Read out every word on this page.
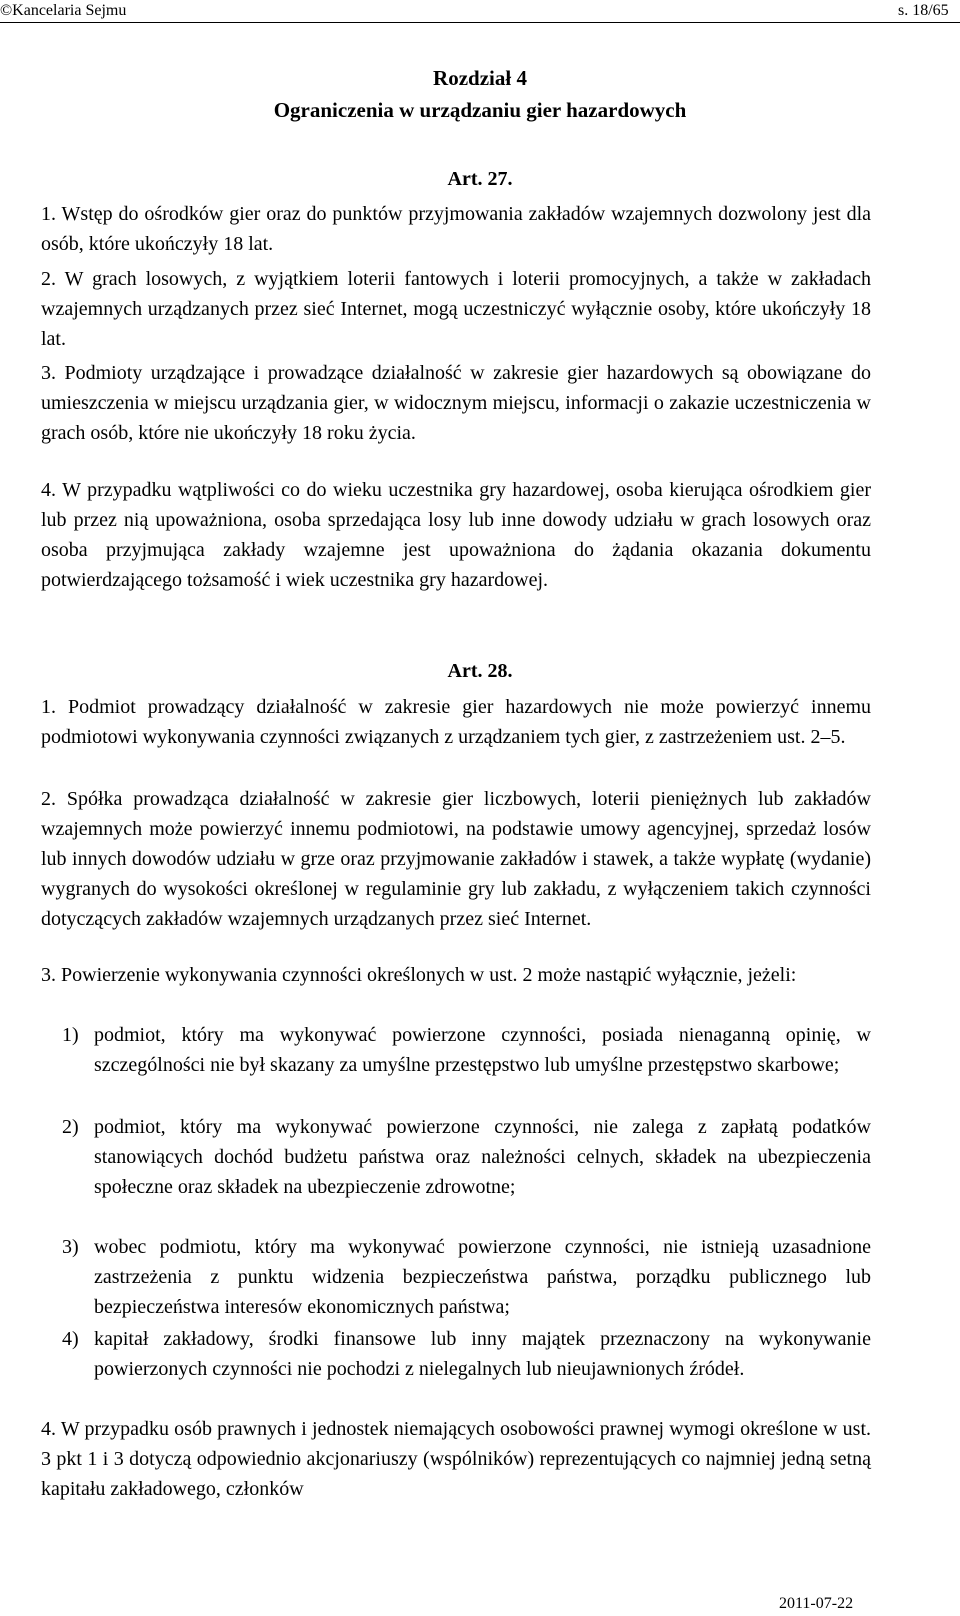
©Kancelaria Sejmu	s. 18/65
Rozdział 4
Ograniczenia w urządzaniu gier hazardowych
Art. 27.

1. Wstęp do ośrodków gier oraz do punktów przyjmowania zakładów wzajemnych dozwolony jest dla osób, które ukończyły 18 lat.

2. W grach losowych, z wyjątkiem loterii fantowych i loterii promocyjnych, a także w zakładach wzajemnych urządzanych przez sieć Internet, mogą uczestniczyć wyłącznie osoby, które ukończyły 18 lat.

3. Podmioty urządzające i prowadzące działalność w zakresie gier hazardowych są obowiązane do umieszczenia w miejscu urządzania gier, w widocznym miejscu, informacji o zakazie uczestniczenia w grach osób, które nie ukończyły 18 roku życia.

4. W przypadku wątpliwości co do wieku uczestnika gry hazardowej, osoba kierująca ośrodkiem gier lub przez nią upoważniona, osoba sprzedająca losy lub inne dowody udziału w grach losowych oraz osoba przyjmująca zakłady wzajemne jest upoważniona do żądania okazania dokumentu potwierdzającego tożsamość i wiek uczestnika gry hazardowej.

Art. 28.

1. Podmiot prowadzący działalność w zakresie gier hazardowych nie może powierzyć innemu podmiotowi wykonywania czynności związanych z urządzaniem tych gier, z zastrzeżeniem ust. 2–5.

2. Spółka prowadząca działalność w zakresie gier liczbowych, loterii pieniężnych lub zakładów wzajemnych może powierzyć innemu podmiotowi, na podstawie umowy agencyjnej, sprzedaż losów lub innych dowodów udziału w grze oraz przyjmowanie zakładów i stawek, a także wypłatę (wydanie) wygranych do wysokości określonej w regulaminie gry lub zakładu, z wyłączeniem takich czynności dotyczących zakładów wzajemnych urządzanych przez sieć Internet.

3. Powierzenie wykonywania czynności określonych w ust. 2 może nastąpić wyłącznie, jeżeli:

1) podmiot, który ma wykonywać powierzone czynności, posiada nienaganną opinię, w szczególności nie był skazany za umyślne przestępstwo lub umyślne przestępstwo skarbowe;
2) podmiot, który ma wykonywać powierzone czynności, nie zalega z zapłatą podatków stanowiących dochód budżetu państwa oraz należności celnych, składek na ubezpieczenia społeczne oraz składek na ubezpieczenie zdrowotne;
3) wobec podmiotu, który ma wykonywać powierzone czynności, nie istnieją uzasadnione zastrzeżenia z punktu widzenia bezpieczeństwa państwa, porządku publicznego lub bezpieczeństwa interesów ekonomicznych państwa;
4) kapitał zakładowy, środki finansowe lub inny majątek przeznaczony na wykonywanie powierzonych czynności nie pochodzi z nielegalnych lub nieujawnionych źródeł.

4. W przypadku osób prawnych i jednostek niemających osobowości prawnej wymogi określone w ust. 3 pkt 1 i 3 dotyczą odpowiednio akcjonariuszy (wspólników) reprezentujących co najmniej jedną setną kapitału zakładowego, członków

2011-07-22
